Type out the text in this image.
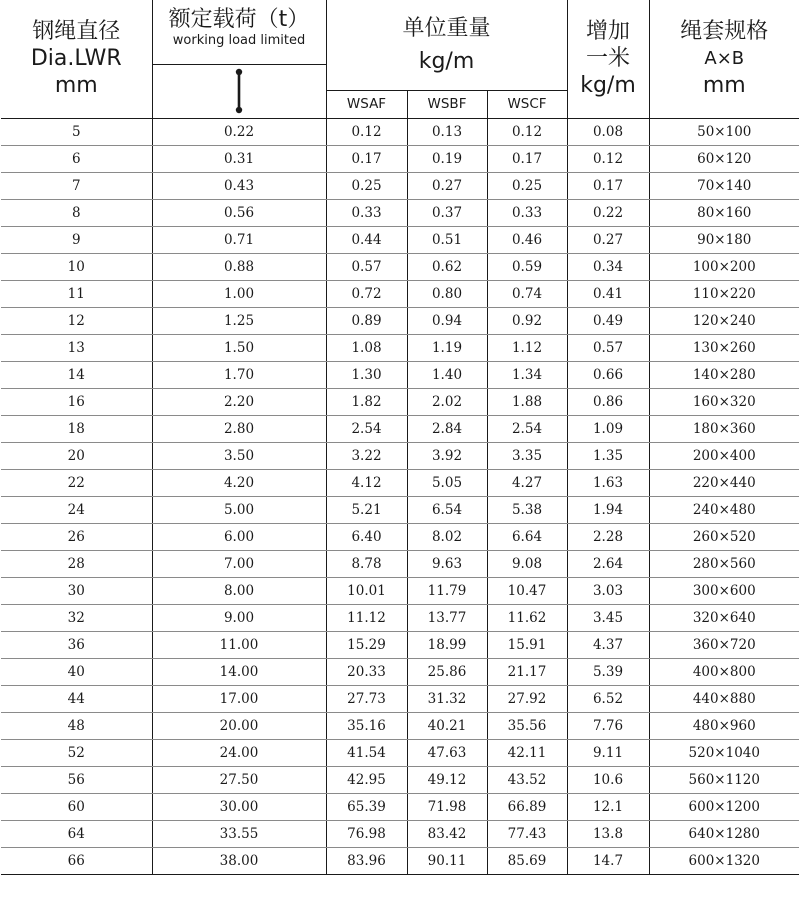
钢绳直径
Dia.LWR
mm	额定载荷（t）
working load limited	单位重量
kg/m			增加
一米
kg/m	绳套规格
A×B
mm

		WSAF	WSBF	WSCF		
5	0.22	0.12	0.13	0.12	0.08	50×100
6	0.31	0.17	0.19	0.17	0.12	60×120
7	0.43	0.25	0.27	0.25	0.17	70×140
8	0.56	0.33	0.37	0.33	0.22	80×160
9	0.71	0.44	0.51	0.46	0.27	90×180
10	0.88	0.57	0.62	0.59	0.34	100×200
11	1.00	0.72	0.80	0.74	0.41	110×220
12	1.25	0.89	0.94	0.92	0.49	120×240
13	1.50	1.08	1.19	1.12	0.57	130×260
14	1.70	1.30	1.40	1.34	0.66	140×280
16	2.20	1.82	2.02	1.88	0.86	160×320
18	2.80	2.54	2.84	2.54	1.09	180×360
20	3.50	3.22	3.92	3.35	1.35	200×400
22	4.20	4.12	5.05	4.27	1.63	220×440
24	5.00	5.21	6.54	5.38	1.94	240×480
26	6.00	6.40	8.02	6.64	2.28	260×520
28	7.00	8.78	9.63	9.08	2.64	280×560
30	8.00	10.01	11.79	10.47	3.03	300×600
32	9.00	11.12	13.77	11.62	3.45	320×640
36	11.00	15.29	18.99	15.91	4.37	360×720
40	14.00	20.33	25.86	21.17	5.39	400×800
44	17.00	27.73	31.32	27.92	6.52	440×880
48	20.00	35.16	40.21	35.56	7.76	480×960
52	24.00	41.54	47.63	42.11	9.11	520×1040
56	27.50	42.95	49.12	43.52	10.6	560×1120
60	30.00	65.39	71.98	66.89	12.1	600×1200
64	33.55	76.98	83.42	77.43	13.8	640×1280
66	38.00	83.96	90.11	85.69	14.7	600×1320
